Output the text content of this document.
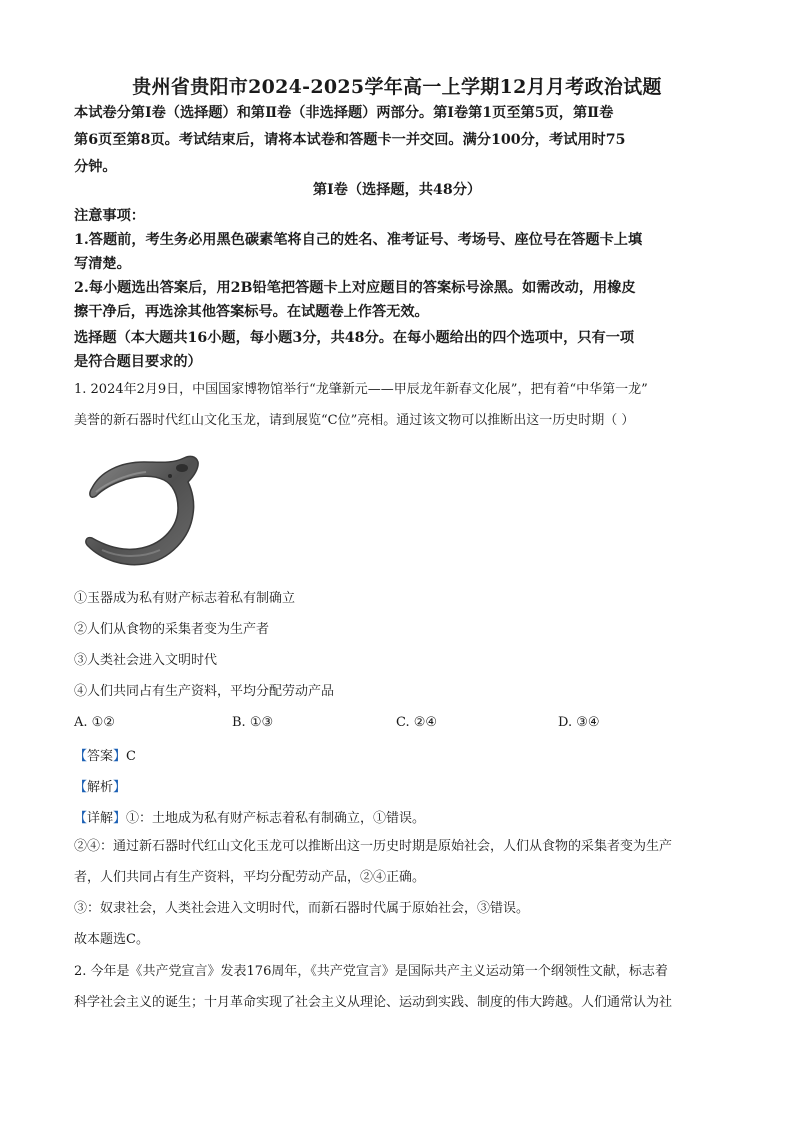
贵州省贵阳市2024-2025学年高一上学期12月月考政治试题
本试卷分第Ⅰ卷（选择题）和第Ⅱ卷（非选择题）两部分。第Ⅰ卷第1页至第5页，第Ⅱ卷
第6页至第8页。考试结束后，请将本试卷和答题卡一并交回。满分100分，考试用时75
分钟。
第Ⅰ卷（选择题，共48分）
注意事项：
1.答题前，考生务必用黑色碳素笔将自己的姓名、准考证号、考场号、座位号在答题卡上填
写清楚。
2.每小题选出答案后，用2B铅笔把答题卡上对应题目的答案标号涂黑。如需改动，用橡皮
擦干净后，再选涂其他答案标号。在试题卷上作答无效。
选择题（本大题共16小题，每小题3分，共48分。在每小题给出的四个选项中，只有一项
是符合题目要求的）
1. 2024年2月9日，中国国家博物馆举行“龙肇新元——甲辰龙年新春文化展”，把有着“中华第一龙”
美誉的新石器时代红山文化玉龙，请到展览“C位”亮相。通过该文物可以推断出这一历史时期（ ）
①玉器成为私有财产标志着私有制确立
②人们从食物的采集者变为生产者
③人类社会进入文明时代
④人们共同占有生产资料，平均分配劳动产品
A. ①②	B. ①③	C. ②④	D. ③④
【答案】C
【解析】
【详解】①：土地成为私有财产标志着私有制确立，①错误。
②④：通过新石器时代红山文化玉龙可以推断出这一历史时期是原始社会，人们从食物的采集者变为生产
者，人们共同占有生产资料，平均分配劳动产品，②④正确。
③：奴隶社会，人类社会进入文明时代，而新石器时代属于原始社会，③错误。
故本题选C。
2. 今年是《共产党宣言》发表176周年，《共产党宣言》是国际共产主义运动第一个纲领性文献，标志着
科学社会主义的诞生；十月革命实现了社会主义从理论、运动到实践、制度的伟大跨越。人们通常认为社
